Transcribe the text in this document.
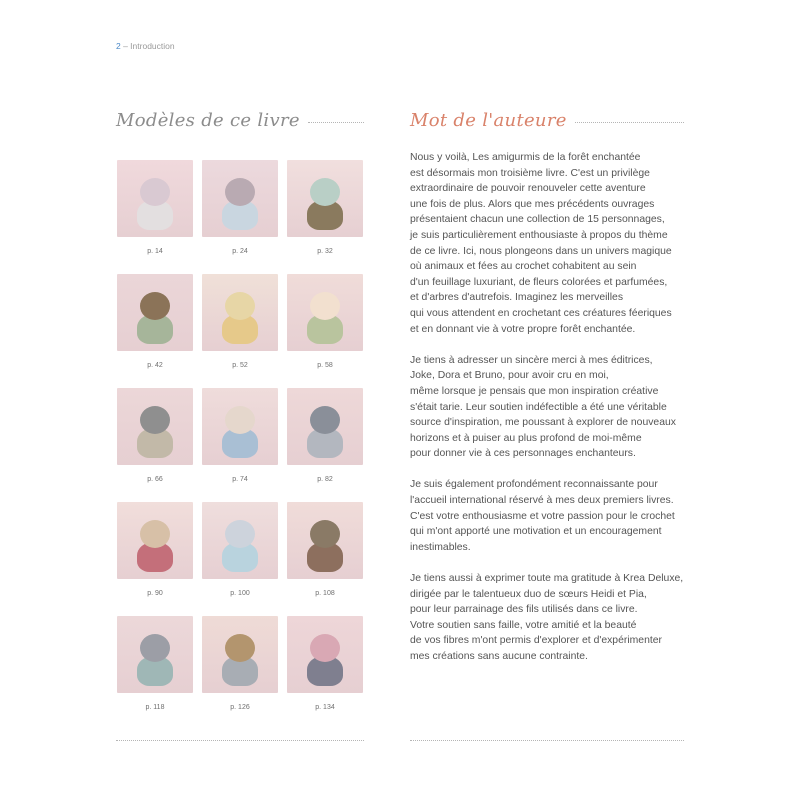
2 – Introduction
Modèles de ce livre	Mot de l'auteure
p. 14	p. 24	p. 32
p. 42	p. 52	p. 58
p. 66	p. 74	p. 82
p. 90	p. 100	p. 108
p. 118	p. 126	p. 134

Nous y voilà, Les amigurmis de la forêt enchantée
est désormais mon troisième livre. C'est un privilège
extraordinaire de pouvoir renouveler cette aventure
une fois de plus. Alors que mes précédents ouvrages
présentaient chacun une collection de 15 personnages,
je suis particulièrement enthousiaste à propos du thème
de ce livre. Ici, nous plongeons dans un univers magique
où animaux et fées au crochet cohabitent au sein
d'un feuillage luxuriant, de fleurs colorées et parfumées,
et d'arbres d'autrefois. Imaginez les merveilles
qui vous attendent en crochetant ces créatures féeriques
et en donnant vie à votre propre forêt enchantée.

Je tiens à adresser un sincère merci à mes éditrices,
Joke, Dora et Bruno, pour avoir cru en moi,
même lorsque je pensais que mon inspiration créative
s'était tarie. Leur soutien indéfectible a été une véritable
source d'inspiration, me poussant à explorer de nouveaux
horizons et à puiser au plus profond de moi-même
pour donner vie à ces personnages enchanteurs.

Je suis également profondément reconnaissante pour
l'accueil international réservé à mes deux premiers livres.
C'est votre enthousiasme et votre passion pour le crochet
qui m'ont apporté une motivation et un encouragement
inestimables.

Je tiens aussi à exprimer toute ma gratitude à Krea Deluxe,
dirigée par le talentueux duo de sœurs Heidi et Pia,
pour leur parrainage des fils utilisés dans ce livre.
Votre soutien sans faille, votre amitié et la beauté
de vos fibres m'ont permis d'explorer et d'expérimenter
mes créations sans aucune contrainte.
